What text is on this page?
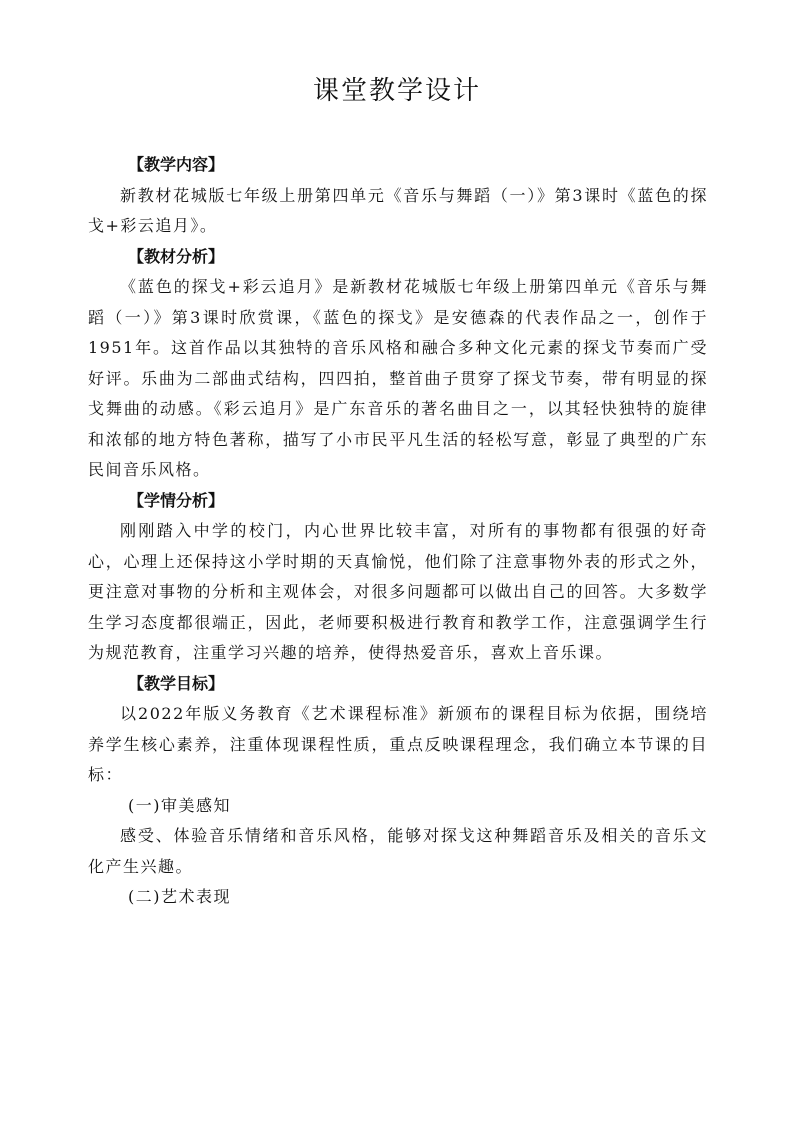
课堂教学设计

【教学内容】

新教材花城版七年级上册第四单元《音乐与舞蹈（一）》第3课时《蓝色的探戈+彩云追月》。

【教材分析】

《蓝色的探戈+彩云追月》是新教材花城版七年级上册第四单元《音乐与舞蹈（一）》第3课时欣赏课，《蓝色的探戈》是安德森的代表作品之一，创作于1951年。这首作品以其独特的音乐风格和融合多种文化元素的探戈节奏而广受好评。乐曲为二部曲式结构，四四拍，整首曲子贯穿了探戈节奏，带有明显的探戈舞曲的动感。《彩云追月》是广东音乐的著名曲目之一，以其轻快独特的旋律和浓郁的地方特色著称，描写了小市民平凡生活的轻松写意，彰显了典型的广东民间音乐风格。

【学情分析】

刚刚踏入中学的校门，内心世界比较丰富，对所有的事物都有很强的好奇心，心理上还保持这小学时期的天真愉悦，他们除了注意事物外表的形式之外，更注意对事物的分析和主观体会，对很多问题都可以做出自己的回答。大多数学生学习态度都很端正，因此，老师要积极进行教育和教学工作，注意强调学生行为规范教育，注重学习兴趣的培养，使得热爱音乐，喜欢上音乐课。

【教学目标】

以2022年版义务教育《艺术课程标准》新颁布的课程目标为依据，围绕培养学生核心素养，注重体现课程性质，重点反映课程理念，我们确立本节课的目标：

(一)审美感知

感受、体验音乐情绪和音乐风格，能够对探戈这种舞蹈音乐及相关的音乐文化产生兴趣。

(二)艺术表现
